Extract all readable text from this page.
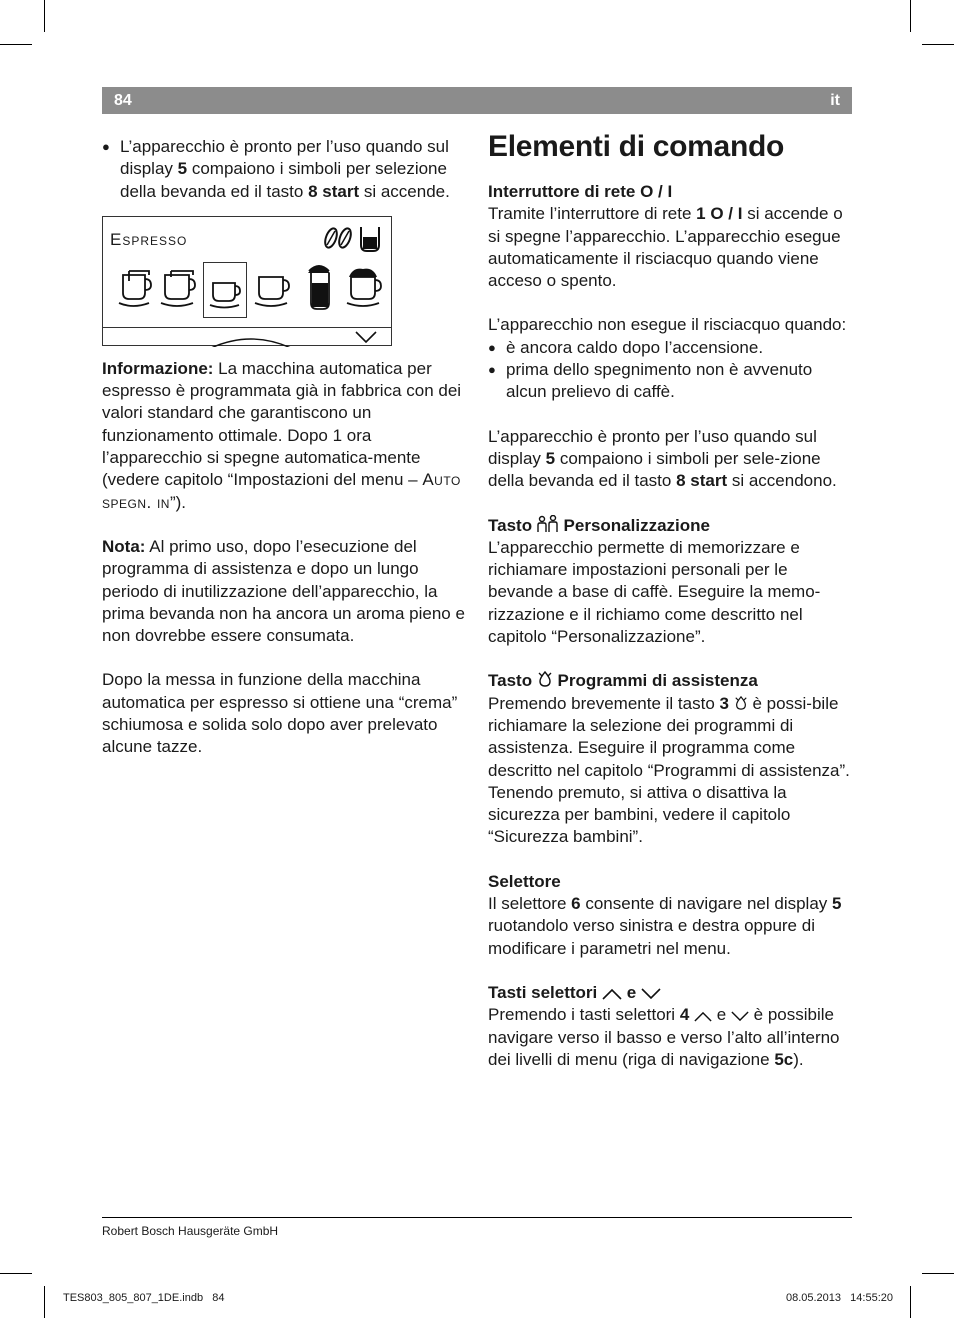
84	it

● L’apparecchio è pronto per l’uso quando sul display 5 compaiono i simboli per selezione della bevanda ed il tasto 8 start si accende.

Espresso

Informazione: La macchina automatica per espresso è programmata già in fabbrica con dei valori standard che garantiscono un funzionamento ottimale. Dopo 1 ora l’apparecchio si spegne automatica-mente (vedere capitolo “Impostazioni del menu – Auto spegn. in”).

Nota: Al primo uso, dopo l’esecuzione del programma di assistenza e dopo un lungo periodo di inutilizzazione dell’apparecchio, la prima bevanda non ha ancora un aroma pieno e non dovrebbe essere consumata.

Dopo la messa in funzione della macchina automatica per espresso si ottiene una “crema” schiumosa e solida solo dopo aver prelevato alcune tazze.

Elementi di comando

Interruttore di rete O / I

Tramite l’interruttore di rete 1 O / I si accende o si spegne l’apparecchio. L’apparecchio esegue automaticamente il risciacquo quando viene acceso o spento.

L’apparecchio non esegue il risciacquo quando:

● è ancora caldo dopo l’accensione.

● prima dello spegnimento non è avvenuto alcun prelievo di caffè.

L’apparecchio è pronto per l’uso quando sul display 5 compaiono i simboli per sele-zione della bevanda ed il tasto 8 start si accendono.

Tasto  Personalizzazione

L’apparecchio permette di memorizzare e richiamare impostazioni personali per le bevande a base di caffè. Eseguire la memo-rizzazione e il richiamo come descritto nel capitolo “Personalizzazione”.

Tasto  Programmi di assistenza

Premendo brevemente il tasto 3  è possi-bile richiamare la selezione dei programmi di assistenza. Eseguire il programma come descritto nel capitolo “Programmi di assistenza”.

Tenendo premuto, si attiva o disattiva la sicurezza per bambini, vedere il capitolo “Sicurezza bambini”.

Selettore

Il selettore 6 consente di navigare nel display 5 ruotandolo verso sinistra e destra oppure di modificare i parametri nel menu.

Tasti selettori  e

Premendo i tasti selettori 4  e  è possibile navigare verso il basso e verso l’alto all’interno dei livelli di menu (riga di navigazione 5c).

Robert Bosch Hausgeräte GmbH
TES803_805_807_1DE.indb   84	08.05.2013   14:55:20
